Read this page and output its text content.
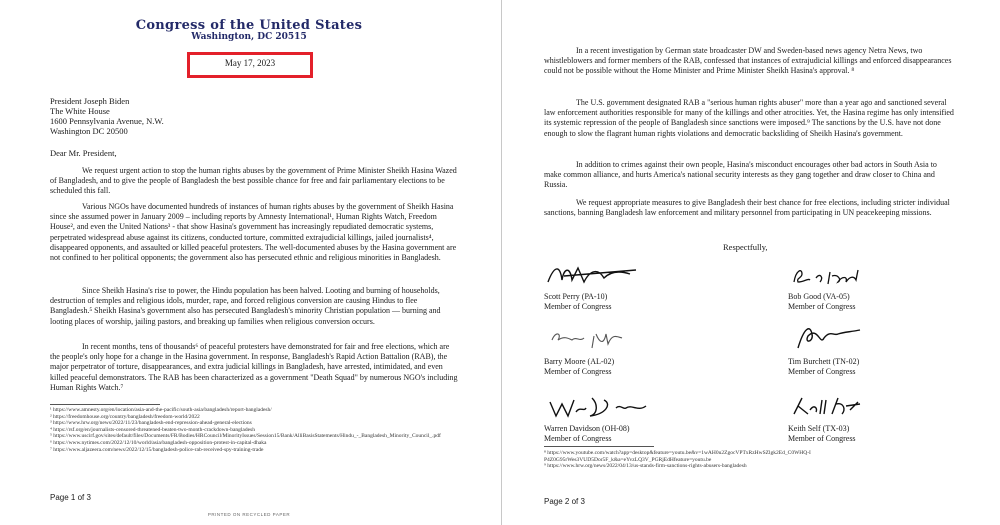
Congress of the United States
Washington, DC 20515
May 17, 2023
President Joseph Biden
The White House
1600 Pennsylvania Avenue, N.W.
Washington DC 20500
Dear Mr. President,
We request urgent action to stop the human rights abuses by the government of Prime Minister Sheikh Hasina Wazed of Bangladesh, and to give the people of Bangladesh the best possible chance for free and fair parliamentary elections to be scheduled this fall.
Various NGOs have documented hundreds of instances of human rights abuses by the government of Sheikh Hasina since she assumed power in January 2009 – including reports by Amnesty International¹, Human Rights Watch, Freedom House², and even the United Nations³ - that show Hasina's government has increasingly repudiated democratic systems, perpetrated widespread abuse against its citizens, conducted torture, committed extrajudicial killings, jailed journalists⁴, disappeared opponents, and assaulted or killed peaceful protesters. The well-documented abuses by the Hasina government are not confined to her political opponents; the government also has persecuted ethnic and religious minorities in Bangladesh.
Since Sheikh Hasina's rise to power, the Hindu population has been halved. Looting and burning of households, destruction of temples and religious idols, murder, rape, and forced religious conversion are causing Hindus to flee Bangladesh.⁵ Sheikh Hasina's government also has persecuted Bangladesh's minority Christian population — burning and looting places of worship, jailing pastors, and breaking up families when religious conversion occurs.
In recent months, tens of thousands⁶ of peaceful protesters have demonstrated for fair and free elections, which are the people's only hope for a change in the Hasina government. In response, Bangladesh's Rapid Action Battalion (RAB), the major perpetrator of torture, disappearances, and extra judicial killings in Bangladesh, have arrested, intimidated, and even killed peaceful demonstrators. The RAB has been characterized as a government "Death Squad" by numerous NGO's including Human Rights Watch.⁷
¹ https://www.amnesty.org/en/location/asia-and-the-pacific/south-asia/bangladesh/report-bangladesh/
² https://freedomhouse.org/country/bangladesh/freedom-world/2022
³ https://www.hrw.org/news/2022/11/23/bangladesh-end-repression-ahead-general-elections
⁴ https://rsf.org/en/journalists-censored-threatened-beaten-two-month-crackdown-bangladesh
⁵ https://www.uscirf.gov/sites/default/files/Documents/FR/Bodies/HRCouncil/MinorityIssues/Session15/Bank/AlliBasisStatements/Hindu_-_Bangladesh_Minority_Council_.pdf
⁶ https://www.nytimes.com/2022/12/10/world/asia/bangladesh-opposition-protest-in-capital-dhaka
⁷ https://www.aljazeera.com/news/2022/12/15/bangladesh-police-rab-received-spy-training-trade
Page 1 of 3
PRINTED ON RECYCLED PAPER
In a recent investigation by German state broadcaster DW and Sweden-based news agency Netra News, two whistleblowers and former members of the RAB, confessed that instances of extrajudicial killings and enforced disappearances could not be possible without the Home Minister and Prime Minister Sheikh Hasina's approval. ⁸
The U.S. government designated RAB a "serious human rights abuser" more than a year ago and sanctioned several law enforcement authorities responsible for many of the killings and other atrocities. Yet, the Hasina regime has only intensified its systemic repression of the people of Bangladesh since sanctions were imposed.⁹ The sanctions by the U.S. have not done enough to slow the flagrant human rights violations and democratic backsliding of Sheikh Hasina's government.
In addition to crimes against their own people, Hasina's misconduct encourages other bad actors in South Asia to make common alliance, and hurts America's national security interests as they gang together and draw closer to China and Russia.
We request appropriate measures to give Bangladesh their best chance for free elections, including stricter individual sanctions, banning Bangladesh law enforcement and military personnel from participating in UN peacekeeping missions.
Respectfully,
Scott Perry (PA-10)
Member of Congress
Bob Good (VA-05)
Member of Congress
Barry Moore (AL-02)
Member of Congress
Tim Burchett (TN-02)
Member of Congress
Warren Davidson (OH-08)
Member of Congress
Keith Self (TX-03)
Member of Congress
⁸ https://www.youtube.com/watch?app=desktop&feature=youtu.be&v=1wAH0u2ZgocVPTxRzHwSZlgk2Ed_C0WHQ-I P4Z0G95rWes3VUD5Dor5F_k&a=eYvzLQ3V_PGRjEdHfeature=youtu.be
⁹ https://www.hrw.org/news/2022/04/13/us-stands-firm-sanctions-rights-abusers-bangladesh
Page 2 of 3
